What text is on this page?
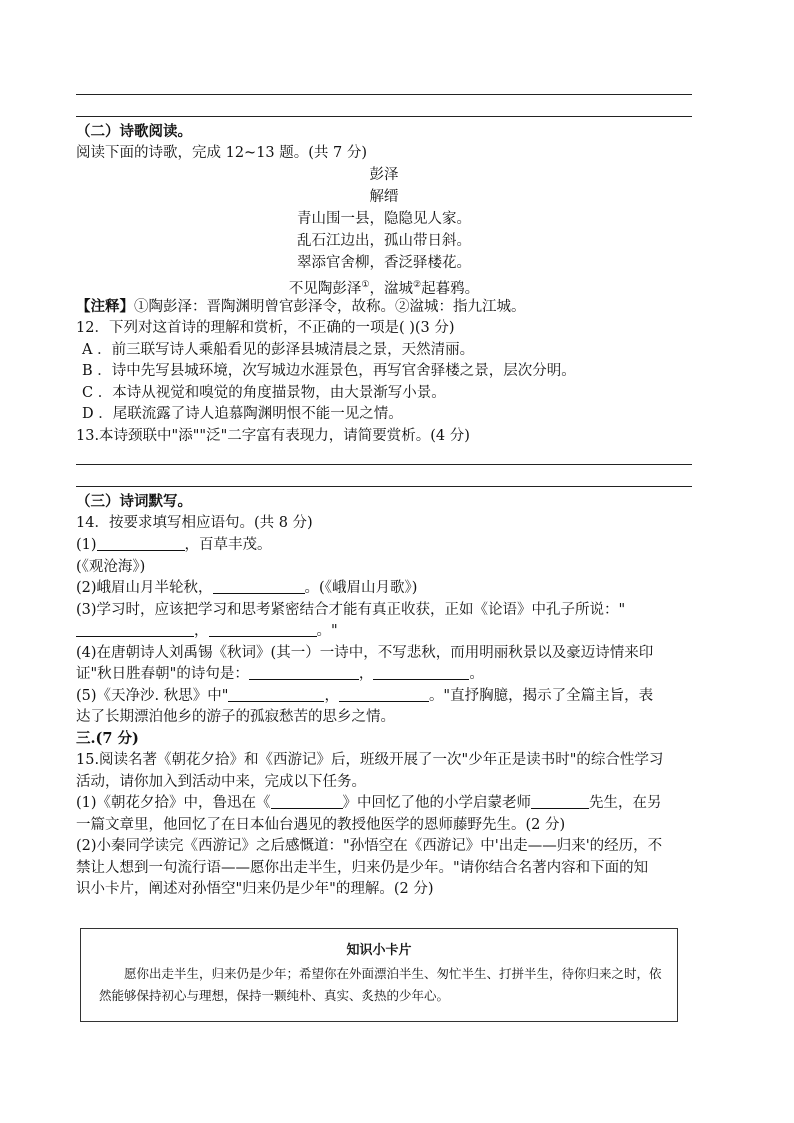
（二）诗歌阅读。
阅读下面的诗歌，完成 12~13 题。(共 7 分)
彭泽
解缙
青山围一县，隐隐见人家。
乱石江边出，孤山带日斜。
翠添官舍柳，香泛驿楼花。
不见陶彭泽①，湓城②起暮鸦。
【注释】①陶彭泽：晋陶渊明曾官彭泽令，故称。②湓城：指九江城。
12．下列对这首诗的理解和赏析，不正确的一项是( )(3 分)
A ．前三联写诗人乘船看见的彭泽县城清晨之景，天然清丽。
B ．诗中先写县城环境，次写城边水涯景色，再写官舍驿楼之景，层次分明。
C ．本诗从视觉和嗅觉的角度描景物，由大景渐写小景。
D ．尾联流露了诗人追慕陶渊明恨不能一见之情。
13.本诗颈联中"添""泛"二字富有表现力，请简要赏析。(4 分)
（三）诗词默写。
14．按要求填写相应语句。(共 8 分)
(1)	，百草丰茂。
(《观沧海》)
(2)峨眉山月半轮秋，	。(《峨眉山月歌》)
(3)学习时，应该把学习和思考紧密结合才能有真正收获，正如《论语》中孔子所说："
，	。"
(4)在唐朝诗人刘禹锡《秋词》(其一）一诗中，不写悲秋，而用明丽秋景以及豪迈诗情来印
证"秋日胜春朝"的诗句是：	，	。
(5)《天净沙. 秋思》中"	，	。"直抒胸臆，揭示了全篇主旨，表
达了长期漂泊他乡的游子的孤寂愁苦的思乡之情。
三.(7 分)
15.阅读名著《朝花夕拾》和《西游记》后，班级开展了一次"少年正是读书时"的综合性学习
活动，请你加入到活动中来，完成以下任务。
(1)《朝花夕拾》中，鲁迅在《	》中回忆了他的小学启蒙老师	先生，在另
一篇文章里，他回忆了在日本仙台遇见的教授他医学的恩师藤野先生。(2 分)
(2)小秦同学读完《西游记》之后感慨道："孙悟空在《西游记》中'出走——归来'的经历，不
禁让人想到一句流行语——愿你出走半生，归来仍是少年。"请你结合名著内容和下面的知
识小卡片，阐述对孙悟空"归来仍是少年"的理解。(2 分)
知识小卡片
愿你出走半生，归来仍是少年；希望你在外面漂泊半生、匆忙半生、打拼半生，待你归来之时，依然能够保持初心与理想，保持一颗纯朴、真实、炙热的少年心。
